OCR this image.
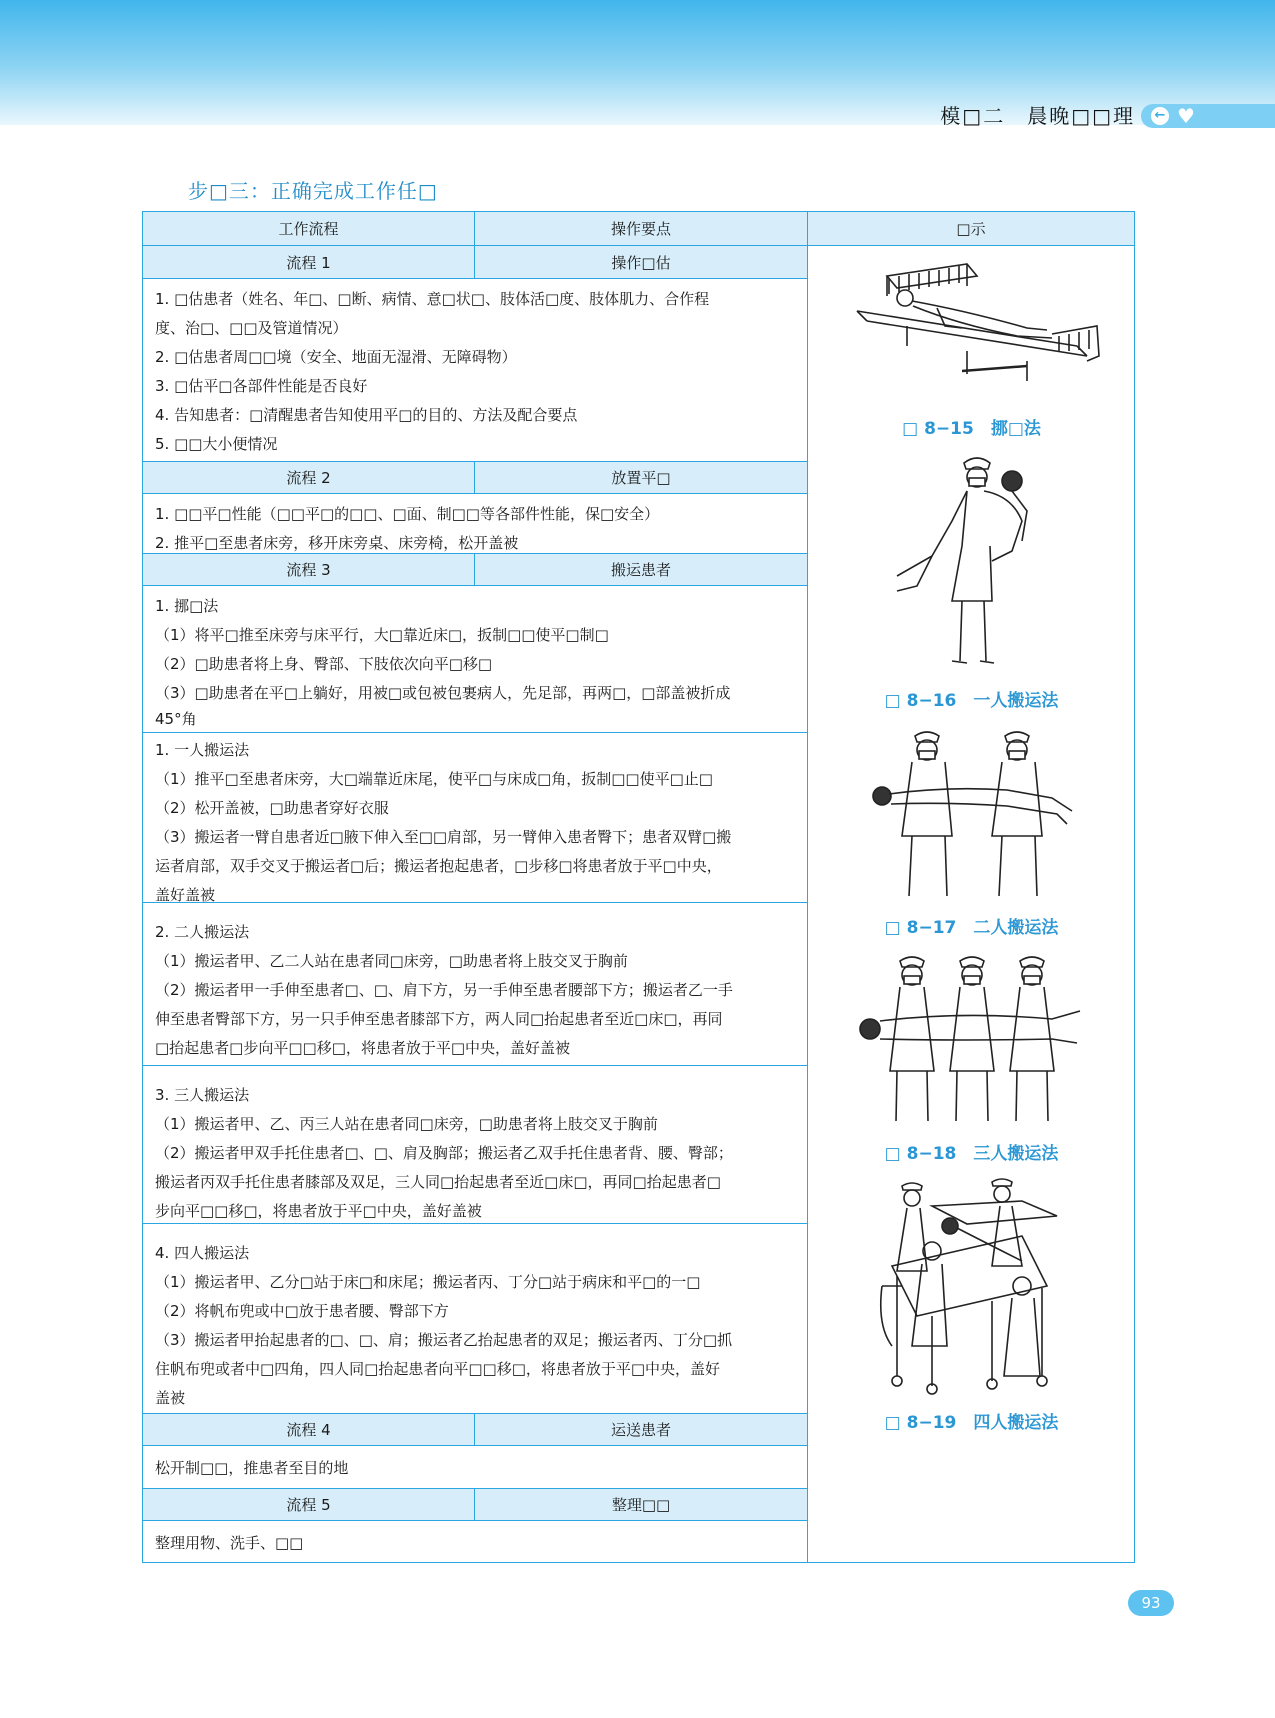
模□二　晨晚□□理 ← ♥
步□三：正确完成工作任□
工作流程	操作要点	□示
流程 1	操作□估

1. □估患者（姓名、年□、□断、病情、意□状□、肢体活□度、肢体肌力、合作程

度、治□、□□及管道情况）

2. □估患者周□□境（安全、地面无湿滑、无障碍物）

3. □估平□各部件性能是否良好

4. 告知患者：□清醒患者告知使用平□的目的、方法及配合要点

5. □□大小便情况

流程 2	放置平□

1. □□平□性能（□□平□的□□、□面、制□□等各部件性能，保□安全）

2. 推平□至患者床旁，移开床旁桌、床旁椅，松开盖被

流程 3	搬运患者

1. 挪□法

（1）将平□推至床旁与床平行，大□靠近床□，扳制□□使平□制□

（2）□助患者将上身、臀部、下肢依次向平□移□

（3）□助患者在平□上躺好，用被□或包被包裹病人，先足部，再两□，□部盖被折成

45°角

1. 一人搬运法

（1）推平□至患者床旁，大□端靠近床尾，使平□与床成□角，扳制□□使平□止□

（2）松开盖被，□助患者穿好衣服

（3）搬运者一臂自患者近□腋下伸入至□□肩部，另一臂伸入患者臀下；患者双臂□搬

运者肩部，双手交叉于搬运者□后；搬运者抱起患者，□步移□将患者放于平□中央，

盖好盖被

2. 二人搬运法

（1）搬运者甲、乙二人站在患者同□床旁，□助患者将上肢交叉于胸前

（2）搬运者甲一手伸至患者□、□、肩下方，另一手伸至患者腰部下方；搬运者乙一手

伸至患者臀部下方，另一只手伸至患者膝部下方，两人同□抬起患者至近□床□，再同

□抬起患者□步向平□□移□，将患者放于平□中央，盖好盖被

3. 三人搬运法

（1）搬运者甲、乙、丙三人站在患者同□床旁，□助患者将上肢交叉于胸前

（2）搬运者甲双手托住患者□、□、肩及胸部；搬运者乙双手托住患者背、腰、臀部；

搬运者丙双手托住患者膝部及双足，三人同□抬起患者至近□床□，再同□抬起患者□

步向平□□移□，将患者放于平□中央，盖好盖被

4. 四人搬运法

（1）搬运者甲、乙分□站于床□和床尾；搬运者丙、丁分□站于病床和平□的一□

（2）将帆布兜或中□放于患者腰、臀部下方

（3）搬运者甲抬起患者的□、□、肩；搬运者乙抬起患者的双足；搬运者丙、丁分□抓

住帆布兜或者中□四角，四人同□抬起患者向平□□移□，将患者放于平□中央，盖好

盖被

流程 4	运送患者

松开制□□，推患者至目的地

流程 5	整理□□

整理用物、洗手、□□

□ 8−15　挪□法
□ 8−16　一人搬运法
□ 8−17　二人搬运法
□ 8−18　三人搬运法
□ 8−19　四人搬运法
93
